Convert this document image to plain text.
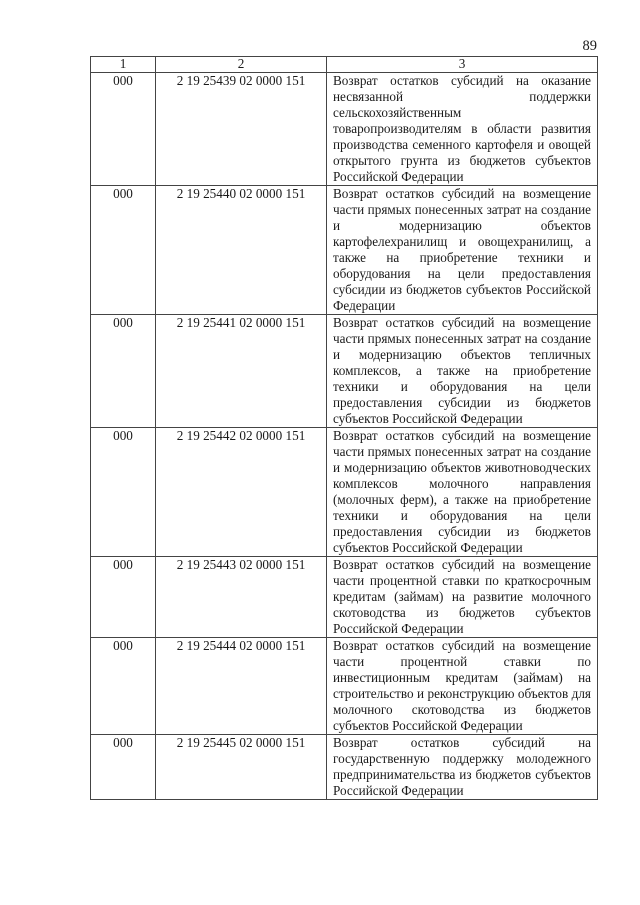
89
1	2	3
000	2 19 25439 02 0000 151	Возврат остатков субсидий на оказание несвязанной поддержки сельскохозяйственным товаропроизводителям в области развития производства семенного картофеля и овощей открытого грунта из бюджетов субъектов Российской Федерации
000	2 19 25440 02 0000 151	Возврат остатков субсидий на возмещение части прямых понесенных затрат на создание и модернизацию объектов картофелехранилищ и овощехранилищ, а также на приобретение техники и оборудования на цели предоставления субсидии из бюджетов субъектов Российской Федерации
000	2 19 25441 02 0000 151	Возврат остатков субсидий на возмещение части прямых понесенных затрат на создание и модернизацию объектов тепличных комплексов, а также на приобретение техники и оборудования на цели предоставления субсидии из бюджетов субъектов Российской Федерации
000	2 19 25442 02 0000 151	Возврат остатков субсидий на возмещение части прямых понесенных затрат на создание и модернизацию объектов животноводческих комплексов молочного направления (молочных ферм), а также на приобретение техники и оборудования на цели предоставления субсидии из бюджетов субъектов Российской Федерации
000	2 19 25443 02 0000 151	Возврат остатков субсидий на возмещение части процентной ставки по краткосрочным кредитам (займам) на развитие молочного скотоводства из бюджетов субъектов Российской Федерации
000	2 19 25444 02 0000 151	Возврат остатков субсидий на возмещение части процентной ставки по инвестиционным кредитам (займам) на строительство и реконструкцию объектов для молочного скотоводства из бюджетов субъектов Российской Федерации
000	2 19 25445 02 0000 151	Возврат остатков субсидий на государственную поддержку молодежного предпринимательства из бюджетов субъектов Российской Федерации
